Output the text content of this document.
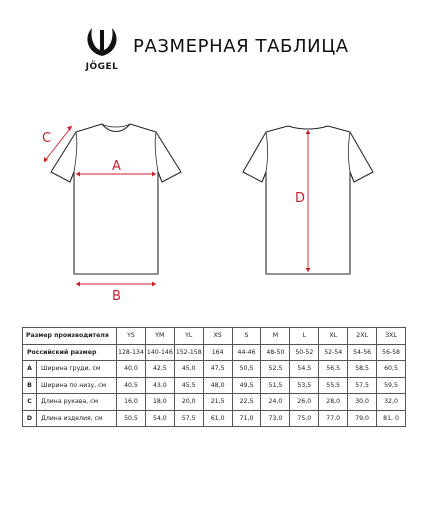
JÖGEL
РАЗМЕРНАЯ ТАБЛИЦА
C
A
B
D
Размер производителя		YS	YM	YL	XS	S	M	L	XL	2XL	3XL
Российский размер		128-134	140-146	152-158	164	44-46	48-50	50-52	52-54	54-56	56-58
A	Ширина груди, см	40,0	42,5	45,0	47,5	50,5	52,5	54,5	56,5	58,5	60,5
B	Ширина по низу, см	40,5	43,0	45,5	48,0	49,5	51,5	53,5	55,5	57,5	59,5
C	Длина рукава, см	16,0	18,0	20,0	21,5	22,5	24,0	26,0	28,0	30,0	32,0
D	Длина изделия, см	50,5	54,0	57,5	61,0	71,0	73,0	75,0	77,0	79,0	81, 0
